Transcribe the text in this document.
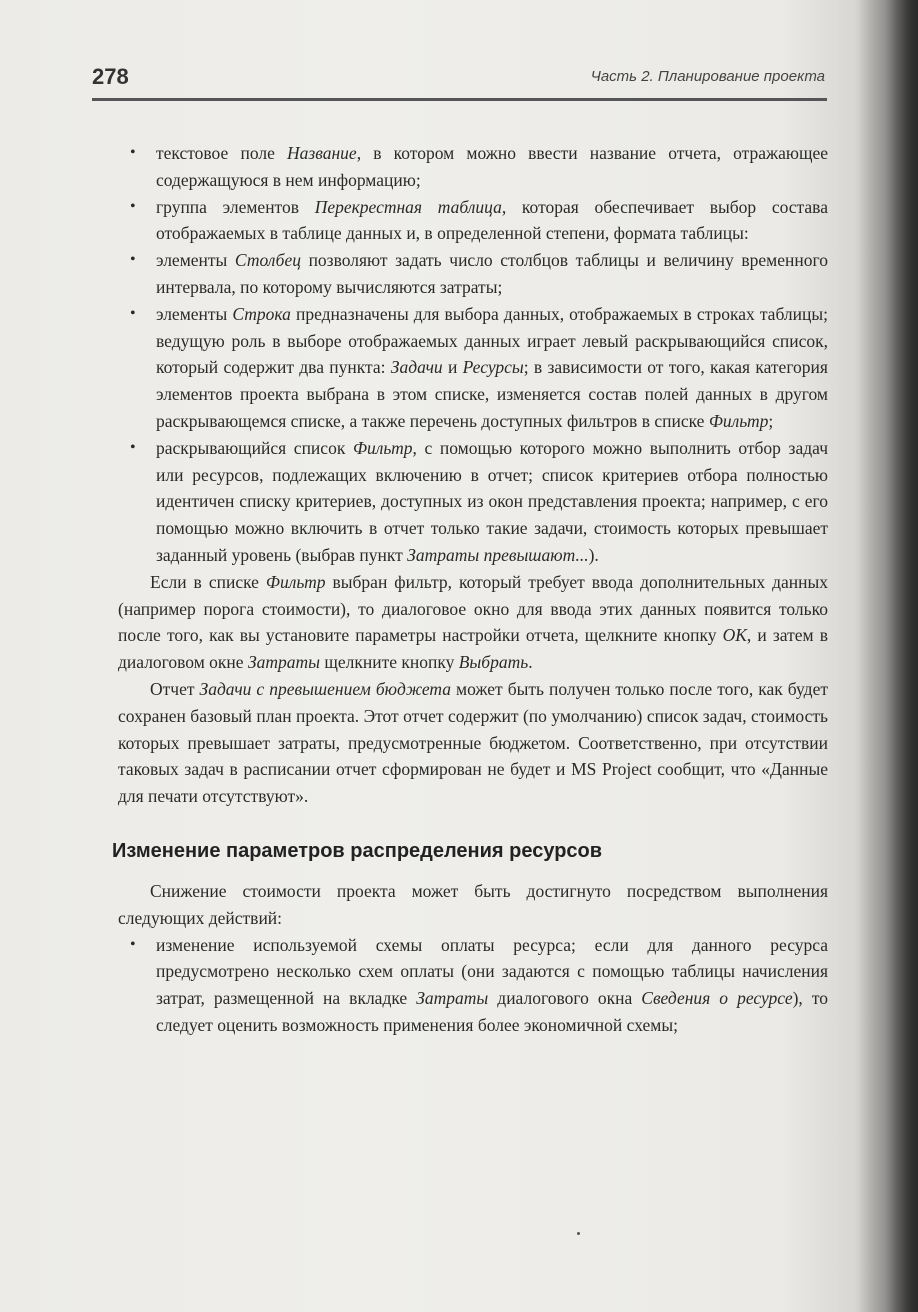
278	Часть 2. Планирование проекта
• текстовое поле Название, в котором можно ввести название отчета, отражающее содержащуюся в нем информацию;
• группа элементов Перекрестная таблица, которая обеспечивает выбор состава отображаемых в таблице данных и, в определенной степени, формата таблицы:
• элементы Столбец позволяют задать число столбцов таблицы и величину временного интервала, по которому вычисляются затраты;
• элементы Строка предназначены для выбора данных, отображаемых в строках таблицы; ведущую роль в выборе отображаемых данных играет левый раскрывающийся список, который содержит два пункта: Задачи и Ресурсы; в зависимости от того, какая категория элементов проекта выбрана в этом списке, изменяется состав полей данных в другом раскрывающемся списке, а также перечень доступных фильтров в списке Фильтр;
• раскрывающийся список Фильтр, с помощью которого можно выполнить отбор задач или ресурсов, подлежащих включению в отчет; список критериев отбора полностью идентичен списку критериев, доступных из окон представления проекта; например, с его помощью можно включить в отчет только такие задачи, стоимость которых превышает заданный уровень (выбрав пункт Затраты превышают...).

Если в списке Фильтр выбран фильтр, который требует ввода дополнительных данных (например порога стоимости), то диалоговое окно для ввода этих данных появится только после того, как вы установите параметры настройки отчета, щелкните кнопку ОК, и затем в диалоговом окне Затраты щелкните кнопку Выбрать.

Отчет Задачи с превышением бюджета может быть получен только после того, как будет сохранен базовый план проекта. Этот отчет содержит (по умолчанию) список задач, стоимость которых превышает затраты, предусмотренные бюджетом. Соответственно, при отсутствии таковых задач в расписании отчет сформирован не будет и MS Project сообщит, что «Данные для печати отсутствуют».

Изменение параметров распределения ресурсов

Снижение стоимости проекта может быть достигнуто посредством выполнения следующих действий:

• изменение используемой схемы оплаты ресурса; если для данного ресурса предусмотрено несколько схем оплаты (они задаются с помощью таблицы начисления затрат, размещенной на вкладке Затраты диалогового окна Сведения о ресурсе), то следует оценить возможность применения более экономичной схемы;
